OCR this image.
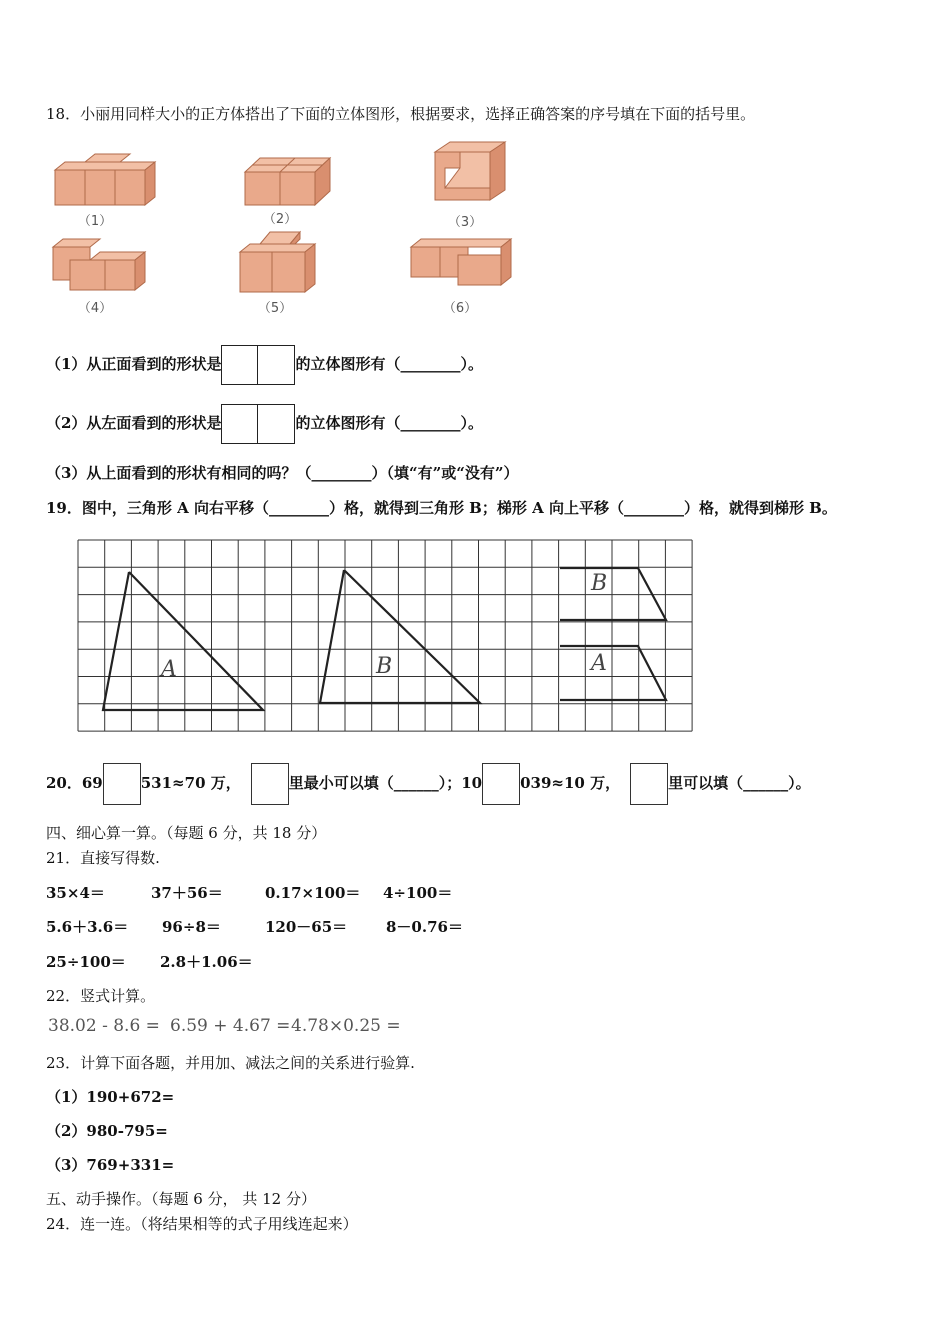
18．小丽用同样大小的正方体搭出了下面的立体图形，根据要求，选择正确答案的序号填在下面的括号里。
（1）	（2）	（3）
（4）	（5）	（6）
（1）从正面看到的形状是	的立体图形有（________）。
（2）从左面看到的形状是	的立体图形有（________）。
（3）从上面看到的形状有相同的吗？（________）（填“有”或“没有”）
19．图中，三角形 A 向右平移（________）格，就得到三角形 B；梯形 A 向上平移（________）格，就得到梯形 B。
A	B
B
A
20．69	531≈70 万，	里最小可以填（______）；10	039≈10 万，	里可以填（______）。
四、细心算一算。（每题 6 分，共 18 分）
21．直接写得数.
35×4＝	37＋56＝	0.17×100＝ 4÷100＝
5.6＋3.6＝ 96÷8＝	120－65＝	8－0.76＝
25÷100＝ 2.8＋1.06＝
22．竖式计算。
38.02 - 8.6 = 6.59 + 4.67 = 4.78×0.25 =
23．计算下面各题，并用加、减法之间的关系进行验算.
（1）190+672=
（2）980-795=
（3）769+331=
五、动手操作。（每题 6 分， 共 12 分）
24．连一连。（将结果相等的式子用线连起来）
